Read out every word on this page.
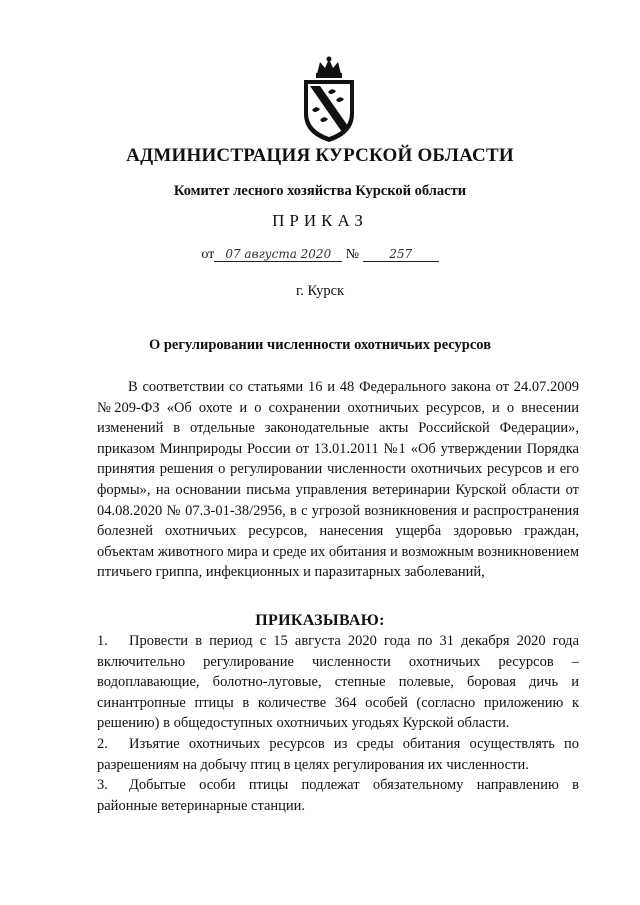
АДМИНИСТРАЦИЯ КУРСКОЙ ОБЛАСТИ
Комитет лесного хозяйства Курской области
ПРИКАЗ
от 07 августа 2020 №	257
г. Курск
О регулировании численности охотничьих ресурсов
В соответствии со статьями 16 и 48 Федерального закона от 24.07.2009 №209-ФЗ «Об охоте и о сохранении охотничьих ресурсов, и о внесении изменений в отдельные законодательные акты Российской Федерации», приказом Минприроды России от 13.01.2011 №1 «Об утверждении Порядка принятия решения о регулировании численности охотничьих ресурсов и его формы», на основании письма управления ветеринарии Курской области от 04.08.2020 № 07.3-01-38/2956, в с угрозой возникновения и распространения болезней охотничьих ресурсов, нанесения ущерба здоровью граждан, объектам животного мира и среде их обитания и возможным возникновением птичьего гриппа, инфекционных и паразитарных заболеваний,
ПРИКАЗЫВАЮ:
1. Провести в период с 15 августа 2020 года по 31 декабря 2020 года включительно регулирование численности охотничьих ресурсов – водоплавающие, болотно-луговые, степные полевые, боровая дичь и синантропные птицы в количестве 364 особей (согласно приложению к решению) в общедоступных охотничьих угодьях Курской области.
2. Изъятие охотничьих ресурсов из среды обитания осуществлять по разрешениям на добычу птиц в целях регулирования их численности.
3. Добытые особи птицы подлежат обязательному направлению в районные ветеринарные станции.
